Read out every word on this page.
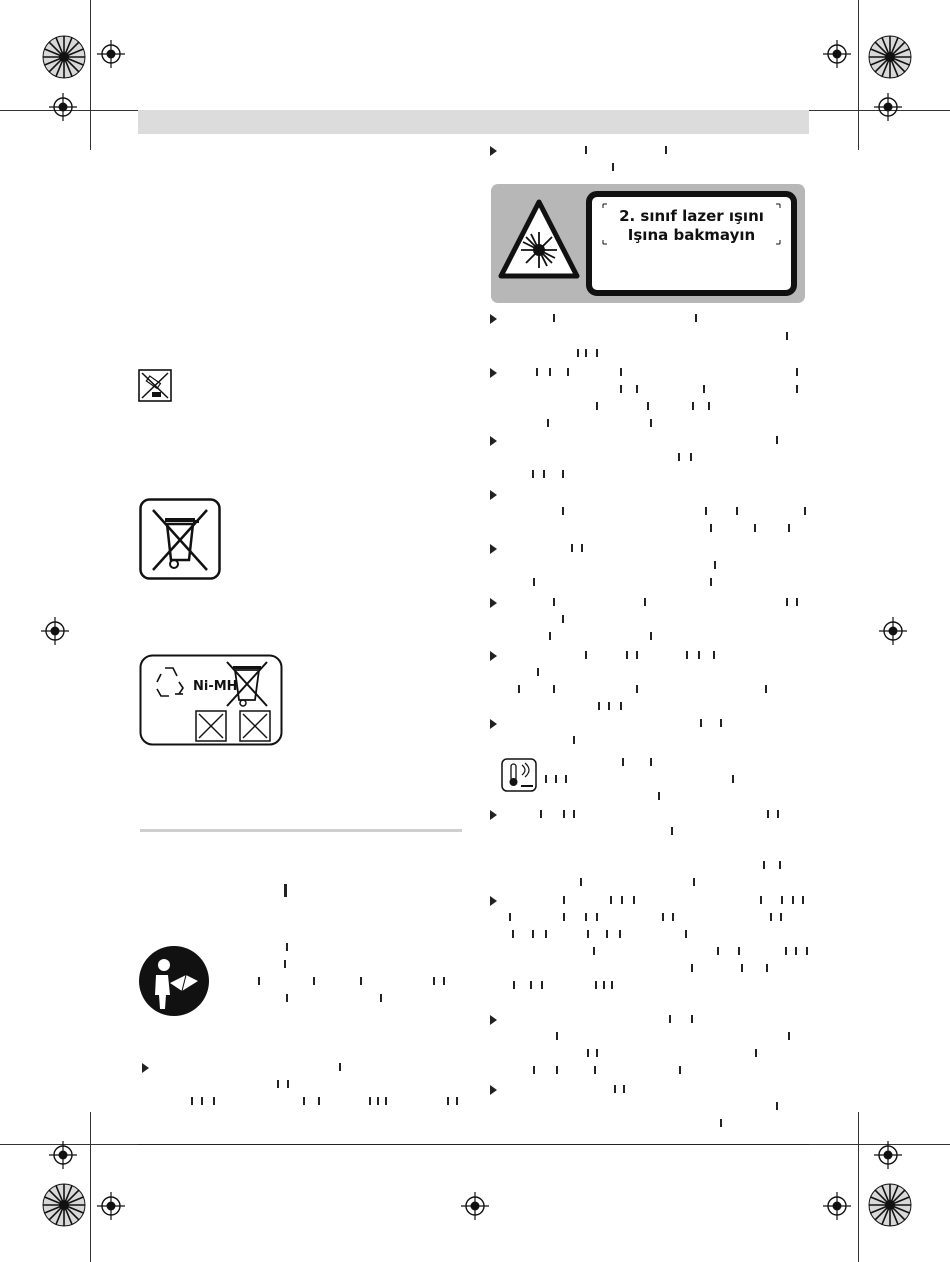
Ni-MH
2. sınıf lazer ışını
Işına bakmayın
